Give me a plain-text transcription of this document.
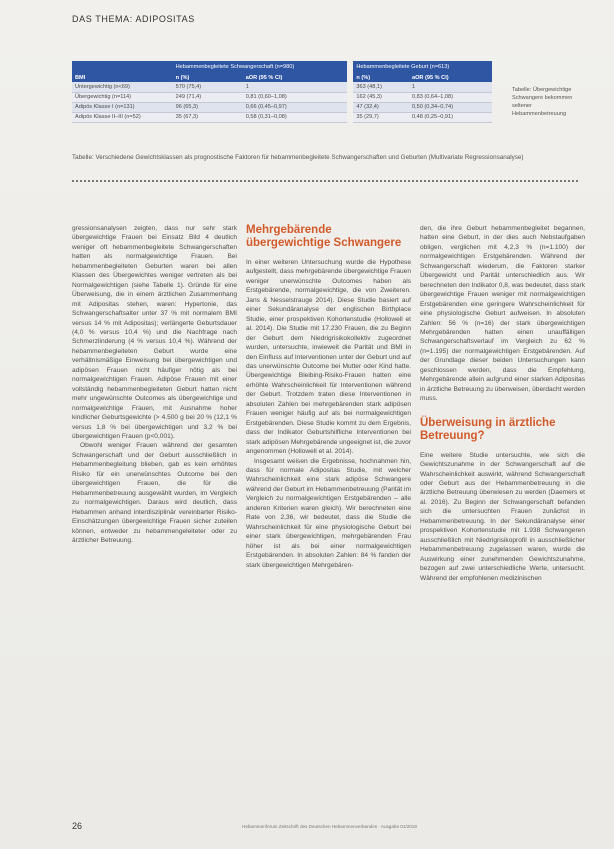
DAS THEMA: ADIPOSITAS
	Hebammenbegleitete Schwangerschaft (n=980)			Hebammenbegleitete Geburt (n=613)	
BMI	n (%)	aOR (95 % CI)		n (%)	aOR (95 % CI)
Untergewichtig (n<69)	570 (75,4)	1		363 (48,1)	1
Übergewichtig (n=114)	249 (71,4)	0,81 (0,60–1,08)		162 (45,3)	0,83 (0,64–1,08)
Adipös Klasse I (n=131)	96 (65,3)	0,66 (0,45–0,97)		47 (32,4)	0,50 (0,34–0,74)
Adipös Klasse II–III (n=52)	35 (67,3)	0,58 (0,31–0,08)		35 (29,7)	0,48 (0,25–0,91)
Tabelle: Übergewichtige Schwangere bekommen seltener Hebammenbetreuung
Tabelle: Verschiedene Gewichtsklassen als prognostische Faktoren für hebammenbegleitete Schwangerschaften und Geburten (Multivariate Regressionsanalyse)

gressionsanalysen zeigten, dass nur sehr stark übergewichtige Frauen bei Einsatz Bild 4 deutlich weniger oft hebammenbegleitete Schwangerschaften hatten als normalgewichtige Frauen. Bei hebammenbegleiteten Geburten waren bei allen Klassen des Übergewichtes weniger vertreten als bei Normalgewichtigen (siehe Tabelle 1). Gründe für eine Überweisung, die in einem ärztlichen Zusammenhang mit Adipositas stehen, waren: Hypertonie, das Schwangerschaftsalter unter 37 % mit normalem BMI versus 14 % mit Adipositas); verlängerte Geburtsdauer (4,0 % versus 10,4 %) und die Nachfrage nach Schmerzlinderung (4 % versus 10,4 %). Während der hebammenbegleiteten Geburt wurde eine verhältnismäßige Einweisung bei übergewichtigen und adipösen Frauen nicht häufiger nötig als bei normalgewichtigen Frauen. Adipöse Frauen mit einer vollständig hebammenbegleiteten Geburt hatten nicht mehr ungewünschte Outcomes als übergewichtige und normalgewichtige Frauen, mit Ausnahme hoher kindlicher Geburtsgewichte (> 4.500 g bei 20 % (12,1 % versus 1,8 % bei übergewichtigen und 3,2 % bei übergewichtigen Frauen (p<0,001).

Obwohl weniger Frauen während der gesamten Schwangerschaft und der Geburt ausschließlich in Hebammenbegleitung blieben, gab es kein erhöhtes Risiko für ein unerwünschtes Outcome bei den übergewichtigen Frauen, die für die Hebammenbetreuung ausgewählt wurden, im Vergleich zu normalgewichtigen. Daraus wird deutlich, dass Hebammen anhand interdisziplinär vereinbarter Risiko-Einschätzungen übergewichtige Frauen sicher zuteilen können, entweder zu hebammengeleiteter oder zu ärztlicher Betreuung.

Mehrgebärende übergewichtige Schwangere

In einer weiteren Untersuchung wurde die Hypothese aufgestellt, dass mehrgebärende übergewichtige Frauen weniger unerwünschte Outcomes haben als Erstgebärende, normalgewichtige, die von Zweiteren. Jans & Nesselstrauge 2014). Diese Studie basiert auf einer Sekundäranalyse der englischen Birthplace Studie, einer prospektiven Kohortenstudie (Hollowell et al. 2014). Die Studie mit 17.230 Frauen, die zu Beginn der Geburt dem Niedrigrisikokollektiv zugeordnet wurden, untersuchte, inwieweit die Parität und BMI in den Einfluss auf Interventionen unter der Geburt und auf das unerwünschte Outcome bei Mutter oder Kind hatte. Übergewichtige Bleibing-Risiko-Frauen hatten eine erhöhte Wahrscheinlichkeit für Interventionen während der Geburt. Trotzdem traten diese Interventionen in absoluten Zahlen bei mehrgebärenden stark adipösen Frauen weniger häufig auf als bei normalgewichtigen Erstgebärenden. Diese Studie kommt zu dem Ergebnis, dass der Indikator Geburtshilfliche Interventionen bei stark adipösen Mehrgebärende ungeeignet ist, die zuvor angenommen (Hollowell et al. 2014).

Insgesamt weisen die Ergebnisse, hochnahmen hin, dass für normale Adipositas Studie, mit welcher Wahrscheinlichkeit eine stark adipöse Schwangere während der Geburt im Hebammenbetreuung (Parität im Vergleich zu normalgewichtigen Erstgebärenden – alle anderen Kriterien waren gleich). Wir berechneten eine Rate von 2,36, wir bedeutet, dass die Studie die Wahrscheinlichkeit für eine physiologische Geburt bei einer stark übergewichtigen, mehrgebärenden Frau höher ist als bei einer normalgewichtigen Erstgebärenden. In absoluten Zahlen: 84 % fanden der stark übergewichtigen Mehrgebären-

den, die ihre Geburt hebammenbegleitet begannen, hatten eine Geburt, in der dies auch Nebstaufgaben obligen, verglichen mit 4,2,3 % (n=1.100) der normalgewichtigen Erstgebärenden. Während der Schwangerschaft wiederum, die Faktoren starker Übergewicht und Parität unterschiedlich aus. Wir berechneten den Indikator 0,8, was bedeutet, dass stark übergewichtige Frauen weniger mit normalgewichtigen Erstgebärenden eine geringere Wahrscheinlichkeit für eine physiologische Geburt aufweisen. In absoluten Zahlen: 56 % (n=16) der stark übergewichtigen Mehrgebärenden hatten einen unauffälligen Schwangerschaftsverlauf im Vergleich zu 62 % (n=1.195) der normalgewichtigen Erstgebärenden. Auf der Grundlage dieser beiden Untersuchungen kann geschlossen werden, dass die Empfehlung, Mehrgebärende allein aufgrund einer starken Adipositas in ärztliche Betreuung zu überweisen, überdacht werden muss.

Überweisung in ärztliche Betreuung?

Eine weitere Studie untersuchte, wie sich die Gewichtszunahme in der Schwangerschaft auf die Wahrscheinlichkeit auswirkt, während Schwangerschaft oder Geburt aus der Hebammenbetreuung in die ärztliche Betreuung überwiesen zu werden (Daemers et al. 2016). Zu Beginn der Schwangerschaft befanden sich die untersuchten Frauen zunächst in Hebammenbetreuung. In der Sekundäranalyse einer prospektiven Kohortenstudie mit 1.938 Schwangeren ausschließlich mit Niedrigrisikoprofil in ausschließlicher Hebammenbetreuung zugelassen waren, wurde die Auswirkung einer zunehmenden Gewichtszunahme, bezogen auf zwei unterschiedliche Werte, untersucht. Während der empfohlenen medizinischen

26	Hebammenforum Zeitschrift des Deutschen Hebammenverbandes · Ausgabe 01/2018
